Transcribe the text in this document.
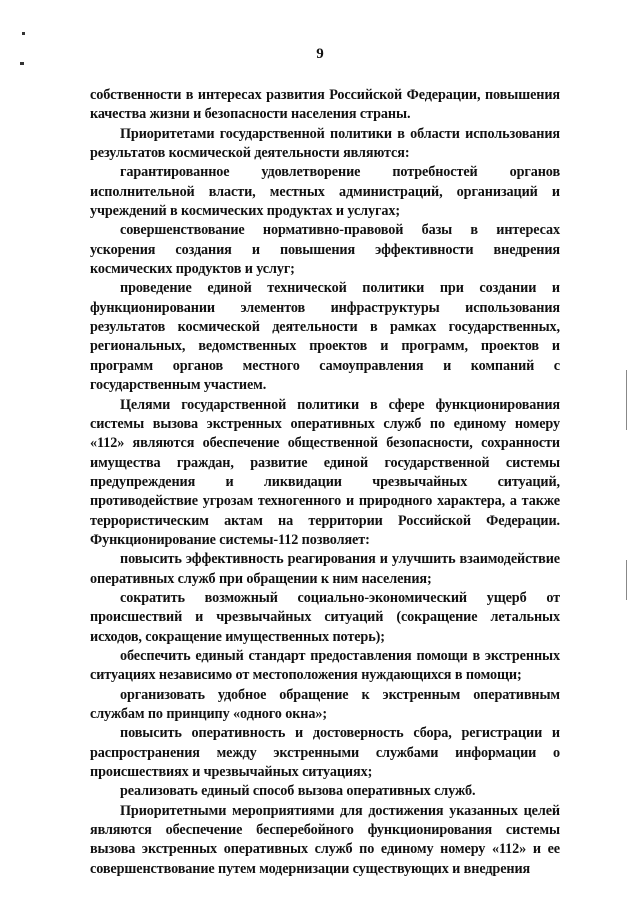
9

собственности в интересах развития Российской Федерации, повышения качества жизни и безопасности населения страны.

Приоритетами государственной политики в области использования результатов космической деятельности являются:

гарантированное удовлетворение потребностей органов исполнительной власти, местных администраций, организаций и учреждений в космических продуктах и услугах;

совершенствование нормативно-правовой базы в интересах ускорения создания и повышения эффективности внедрения космических продуктов и услуг;

проведение единой технической политики при создании и функционировании элементов инфраструктуры использования результатов космической деятельности в рамках государственных, региональных, ведомственных проектов и программ, проектов и программ органов местного самоуправления и компаний с государственным участием.

Целями государственной политики в сфере функционирования системы вызова экстренных оперативных служб по единому номеру «112» являются обеспечение общественной безопасности, сохранности имущества граждан, развитие единой государственной системы предупреждения и ликвидации чрезвычайных ситуаций, противодействие угрозам техногенного и природного характера, а также террористическим актам на территории Российской Федерации. Функционирование системы-112 позволяет:

повысить эффективность реагирования и улучшить взаимодействие оперативных служб при обращении к ним населения;

сократить возможный социально-экономический ущерб от происшествий и чрезвычайных ситуаций (сокращение летальных исходов, сокращение имущественных потерь);

обеспечить единый стандарт предоставления помощи в экстренных ситуациях независимо от местоположения нуждающихся в помощи;

организовать удобное обращение к экстренным оперативным службам по принципу «одного окна»;

повысить оперативность и достоверность сбора, регистрации и распространения между экстренными службами информации о происшествиях и чрезвычайных ситуациях;

реализовать единый способ вызова оперативных служб.

Приоритетными мероприятиями для достижения указанных целей являются обеспечение бесперебойного функционирования системы вызова экстренных оперативных служб по единому номеру «112» и ее совершенствование путем модернизации существующих и внедрения
